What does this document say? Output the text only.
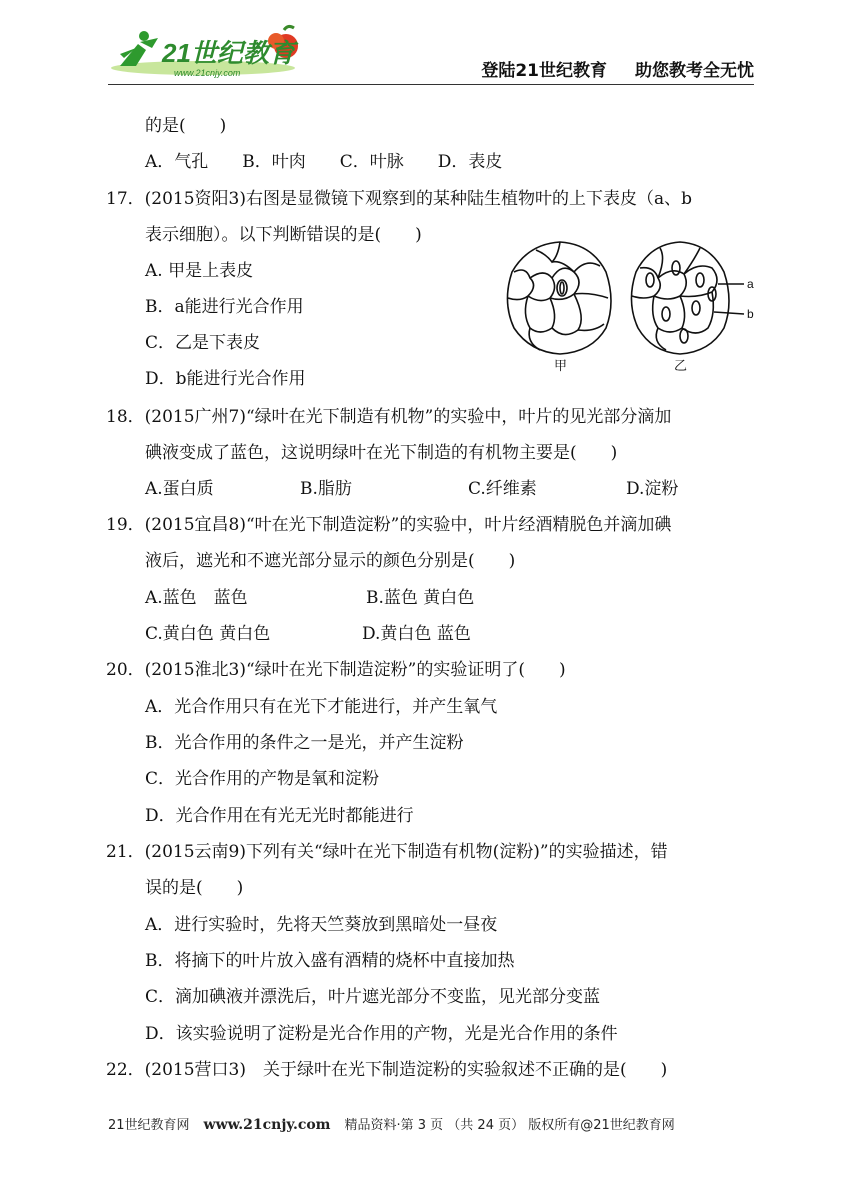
21世纪教育
www.21cnjy.com	登陆21世纪教育 助您教考全无忧
的是(　　)
A．气孔　　B．叶肉　　C．叶脉　　D．表皮
17．(2015资阳3)右图是显微镜下观察到的某种陆生植物叶的上下表皮（a、b
表示细胞）。以下判断错误的是(　　)
A. 甲是上表皮
B．a能进行光合作用
C．乙是下表皮
D．b能进行光合作用
甲	乙
a
b
18．(2015广州7)“绿叶在光下制造有机物”的实验中，叶片的见光部分滴加
碘液变成了蓝色，这说明绿叶在光下制造的有机物主要是(　　)
A.蛋白质	B.脂肪	C.纤维素	D.淀粉
19．(2015宜昌8)“叶在光下制造淀粉”的实验中，叶片经酒精脱色并滴加碘
液后，遮光和不遮光部分显示的颜色分别是(　　)
A.蓝色　蓝色	B.蓝色 黄白色
C.黄白色 黄白色	D.黄白色 蓝色
20．(2015淮北3)“绿叶在光下制造淀粉”的实验证明了(　　)
A．光合作用只有在光下才能进行，并产生氧气
B．光合作用的条件之一是光，并产生淀粉
C．光合作用的产物是氧和淀粉
D．光合作用在有光无光时都能进行
21．(2015云南9)下列有关“绿叶在光下制造有机物(淀粉)”的实验描述，错
误的是(　　)
A．进行实验时，先将天竺葵放到黑暗处一昼夜
B．将摘下的叶片放入盛有酒精的烧杯中直接加热
C．滴加碘液并漂洗后，叶片遮光部分不变监，见光部分变蓝
D．该实验说明了淀粉是光合作用的产物，光是光合作用的条件
22．(2015营口3)　关于绿叶在光下制造淀粉的实验叙述不正确的是(　　)
21世纪教育网 www.21cnjy.com 精品资料·第 3 页 （共 24 页） 版权所有@21世纪教育网
